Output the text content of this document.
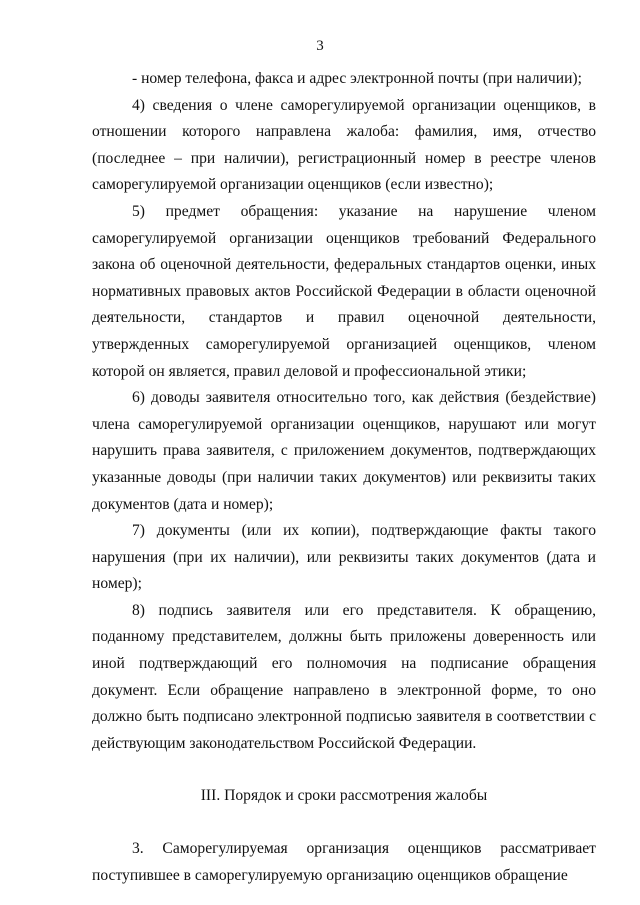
3

- номер телефона, факса и адрес электронной почты (при наличии);

4) сведения о члене саморегулируемой организации оценщиков, в отношении которого направлена жалоба: фамилия, имя, отчество (последнее – при наличии), регистрационный номер в реестре членов саморегулируемой организации оценщиков (если известно);

5) предмет обращения: указание на нарушение членом саморегулируемой организации оценщиков требований Федерального закона об оценочной деятельности, федеральных стандартов оценки, иных нормативных правовых актов Российской Федерации в области оценочной деятельности, стандартов и правил оценочной деятельности, утвержденных саморегулируемой организацией оценщиков, членом которой он является, правил деловой и профессиональной этики;

6) доводы заявителя относительно того, как действия (бездействие) члена саморегулируемой организации оценщиков, нарушают или могут нарушить права заявителя, с приложением документов, подтверждающих указанные доводы (при наличии таких документов) или реквизиты таких документов (дата и номер);

7) документы (или их копии), подтверждающие факты такого нарушения (при их наличии), или реквизиты таких документов (дата и номер);

8) подпись заявителя или его представителя. К обращению, поданному представителем, должны быть приложены доверенность или иной подтверждающий его полномочия на подписание обращения документ. Если обращение направлено в электронной форме, то оно должно быть подписано электронной подписью заявителя в соответствии с действующим законодательством Российской Федерации.

III. Порядок и сроки рассмотрения жалобы

3. Саморегулируемая организация оценщиков рассматривает поступившее в саморегулируемую организацию оценщиков обращение
